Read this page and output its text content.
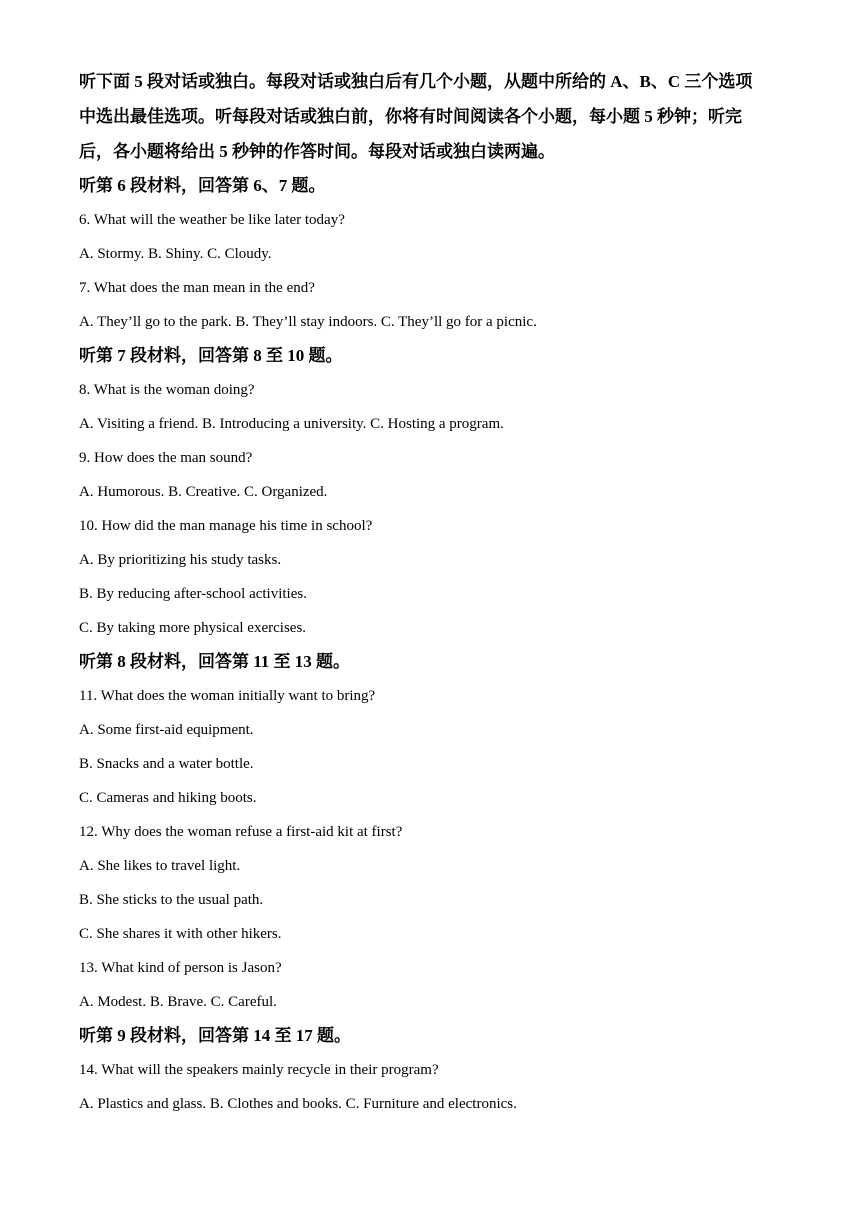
听下面 5 段对话或独白。每段对话或独白后有几个小题，从题中所给的 A、B、C 三个选项
中选出最佳选项。听每段对话或独白前，你将有时间阅读各个小题，每小题 5 秒钟；听完
后，各小题将给出 5 秒钟的作答时间。每段对话或独白读两遍。
听第 6 段材料，回答第 6、7 题。
6. What will the weather be like later today?
A. Stormy. B. Shiny. C. Cloudy.
7. What does the man mean in the end?
A. They’ll go to the park. B. They’ll stay indoors. C. They’ll go for a picnic.
听第 7 段材料，回答第 8 至 10 题。
8. What is the woman doing?
A. Visiting a friend. B. Introducing a university. C. Hosting a program.
9. How does the man sound?
A. Humorous. B. Creative. C. Organized.
10. How did the man manage his time in school?
A. By prioritizing his study tasks.
B. By reducing after-school activities.
C. By taking more physical exercises.
听第 8 段材料，回答第 11 至 13 题。
11. What does the woman initially want to bring?
A. Some first-aid equipment.
B. Snacks and a water bottle.
C. Cameras and hiking boots.
12. Why does the woman refuse a first-aid kit at first?
A. She likes to travel light.
B. She sticks to the usual path.
C. She shares it with other hikers.
13. What kind of person is Jason?
A. Modest. B. Brave. C. Careful.
听第 9 段材料，回答第 14 至 17 题。
14. What will the speakers mainly recycle in their program?
A. Plastics and glass. B. Clothes and books. C. Furniture and electronics.
